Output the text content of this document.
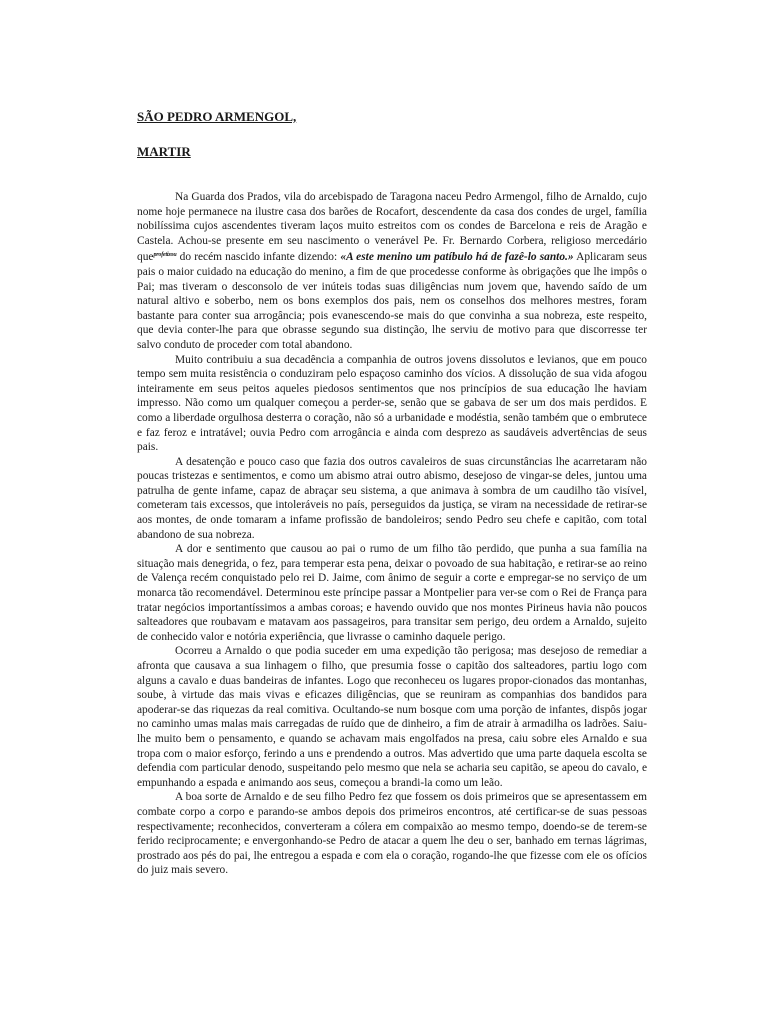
SÃO PEDRO ARMENGOL,
MARTIR

Na Guarda dos Prados, vila do arcebispado de Taragona naceu Pedro Armengol, filho de Arnaldo, cujo nome hoje permanece na ilustre casa dos barões de Rocafort, descendente da casa dos condes de urgel, família nobilíssima cujos ascendentes tiveram laços muito estreitos com os condes de Barcelona e reis de Aragão e Castela. Achou-se presente em seu nascimento o venerável Pe. Fr. Bernardo Corbera, religioso mercedário que$^{profetizou}$ do recém nascido infante dizendo: «A este menino um patíbulo há de fazê-lo santo.» Aplicaram seus pais o maior cuidado na educação do menino, a fim de que procedesse conforme às obrigações que lhe impôs o Pai; mas tiveram o desconsolo de ver inúteis todas suas diligências num jovem que, havendo saído de um natural altivo e soberbo, nem os bons exemplos dos pais, nem os conselhos dos melhores mestres, foram bastante para conter sua arrogância; pois evanescendo-se mais do que convinha a sua nobreza, este respeito, que devia conter-lhe para que obrasse segundo sua distinção, lhe serviu de motivo para que discorresse ter salvo conduto de proceder com total abandono.

Muito contribuiu a sua decadência a companhia de outros jovens dissolutos e levianos, que em pouco tempo sem muita resistência o conduziram pelo espaçoso caminho dos vícios. A dissolução de sua vida afogou inteiramente em seus peitos aqueles piedosos sentimentos que nos princípios de sua educação lhe haviam impresso. Não como um qualquer começou a perder-se, senão que se gabava de ser um dos mais perdidos. E como a liberdade orgulhosa desterra o coração, não só a urbanidade e modéstia, senão também que o embrutece e faz feroz e intratável; ouvia Pedro com arrogância e ainda com desprezo as saudáveis advertências de seus pais.

A desatenção e pouco caso que fazia dos outros cavaleiros de suas circunstâncias lhe acarretaram não poucas tristezas e sentimentos, e como um abismo atrai outro abismo, desejoso de vingar-se deles, juntou uma patrulha de gente infame, capaz de abraçar seu sistema, a que animava à sombra de um caudilho tão visível, cometeram tais excessos, que intoleráveis no país, perseguidos da justiça, se viram na necessidade de retirar-se aos montes, de onde tomaram a infame profissão de bandoleiros; sendo Pedro seu chefe e capitão, com total abandono de sua nobreza.

A dor e sentimento que causou ao pai o rumo de um filho tão perdido, que punha a sua família na situação mais denegrida, o fez, para temperar esta pena, deixar o povoado de sua habitação, e retirar-se ao reino de Valença recém conquistado pelo rei D. Jaime, com ânimo de seguir a corte e empregar-se no serviço de um monarca tão recomendável. Determinou este príncipe passar a Montpelier para ver-se com o Rei de França para tratar negócios importantíssimos a ambas coroas; e havendo ouvido que nos montes Pirineus havia não poucos salteadores que roubavam e matavam aos passageiros, para transitar sem perigo, deu ordem a Arnaldo, sujeito de conhecido valor e notória experiência, que livrasse o caminho daquele perigo.

Ocorreu a Arnaldo o que podia suceder em uma expedição tão perigosa; mas desejoso de remediar a afronta que causava a sua linhagem o filho, que presumia fosse o capitão dos salteadores, partiu logo com alguns a cavalo e duas bandeiras de infantes. Logo que reconheceu os lugares propor-cionados das montanhas, soube, à virtude das mais vivas e eficazes diligências, que se reuniram as companhias dos bandidos para apoderar-se das riquezas da real comitiva. Ocultando-se num bosque com uma porção de infantes, dispôs jogar no caminho umas malas mais carregadas de ruído que de dinheiro, a fim de atrair à armadilha os ladrões. Saiu-lhe muito bem o pensamento, e quando se achavam mais engolfados na presa, caiu sobre eles Arnaldo e sua tropa com o maior esforço, ferindo a uns e prendendo a outros. Mas advertido que uma parte daquela escolta se defendia com particular denodo, suspeitando pelo mesmo que nela se acharia seu capitão, se apeou do cavalo, e empunhando a espada e animando aos seus, começou a brandi-la como um leão.

A boa sorte de Arnaldo e de seu filho Pedro fez que fossem os dois primeiros que se apresentassem em combate corpo a corpo e parando-se ambos depois dos primeiros encontros, até certificar-se de suas pessoas respectivamente; reconhecidos, converteram a cólera em compaixão ao mesmo tempo, doendo-se de terem-se ferido reciprocamente; e envergonhando-se Pedro de atacar a quem lhe deu o ser, banhado em ternas lágrimas, prostrado aos pés do pai, lhe entregou a espada e com ela o coração, rogando-lhe que fizesse com ele os ofícios do juiz mais severo.
